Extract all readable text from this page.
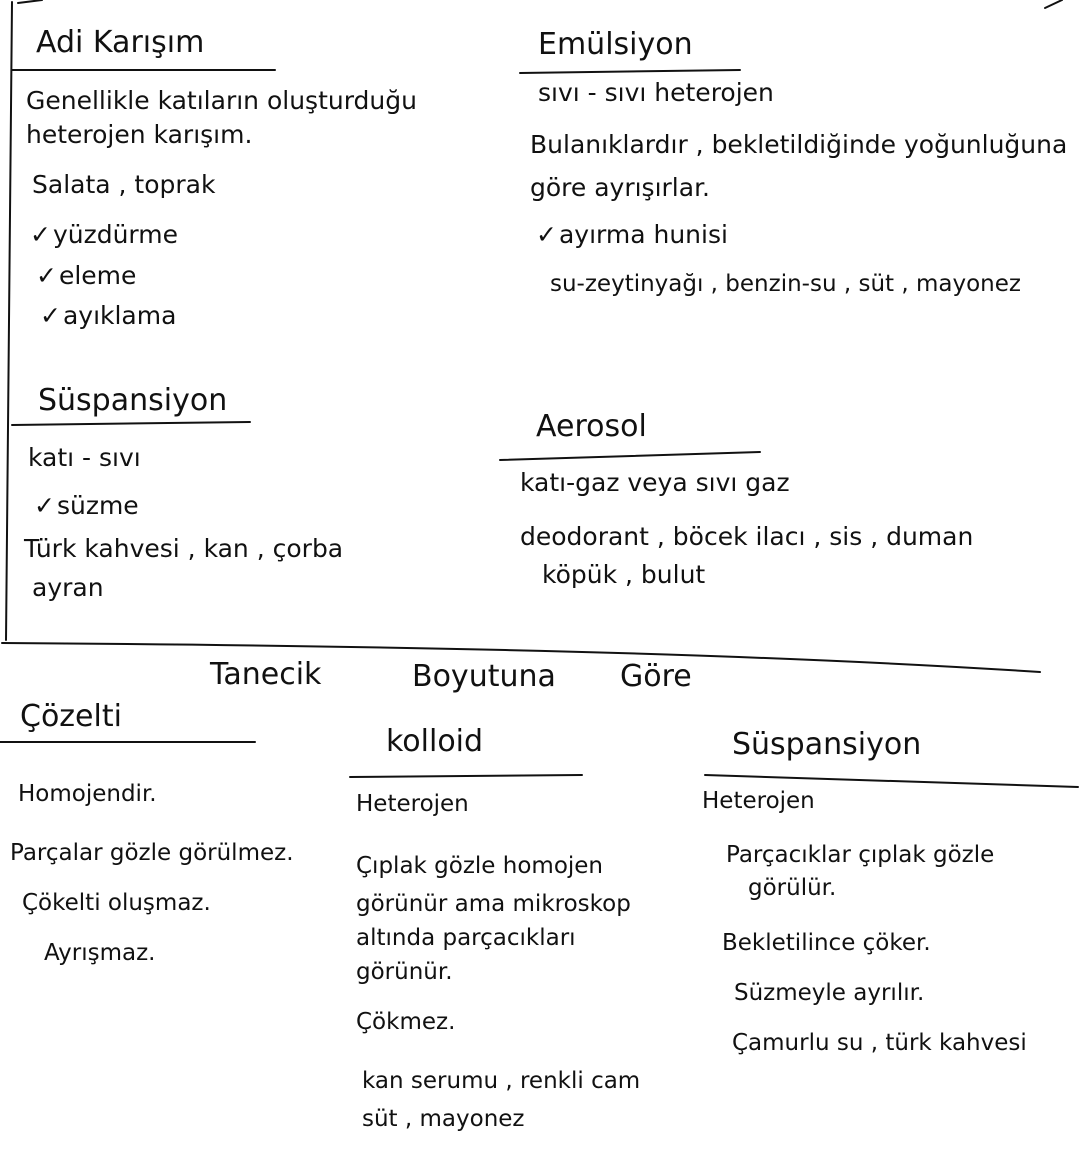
Adi Karışım
Genellikle katıların oluşturduğu
heterojen karışım.
Salata , toprak
✓ yüzdürme
✓ eleme
✓ ayıklama
Emülsiyon
sıvı - sıvı heterojen
Bulanıklardır , bekletildiğinde yoğunluğuna
göre ayrışırlar.
✓ ayırma hunisi
su-zeytinyağı , benzin-su , süt , mayonez
Süspansiyon
katı - sıvı
✓ süzme
Türk kahvesi , kan , çorba
ayran
Aerosol
katı-gaz veya sıvı gaz
deodorant , böcek ilacı , sis , duman
köpük , bulut
Tanecik	Boyutuna Göre
Çözelti
Homojendir.
Parçalar gözle görülmez.
Çökelti oluşmaz.
Ayrışmaz.
kolloid
Heterojen
Çıplak gözle homojen
görünür ama mikroskop
altında parçacıkları
görünür.
Çökmez.
kan serumu , renkli cam
süt , mayonez
Süspansiyon
Heterojen
Parçacıklar çıplak gözle
görülür.
Bekletilince çöker.
Süzmeyle ayrılır.
Çamurlu su , türk kahvesi
